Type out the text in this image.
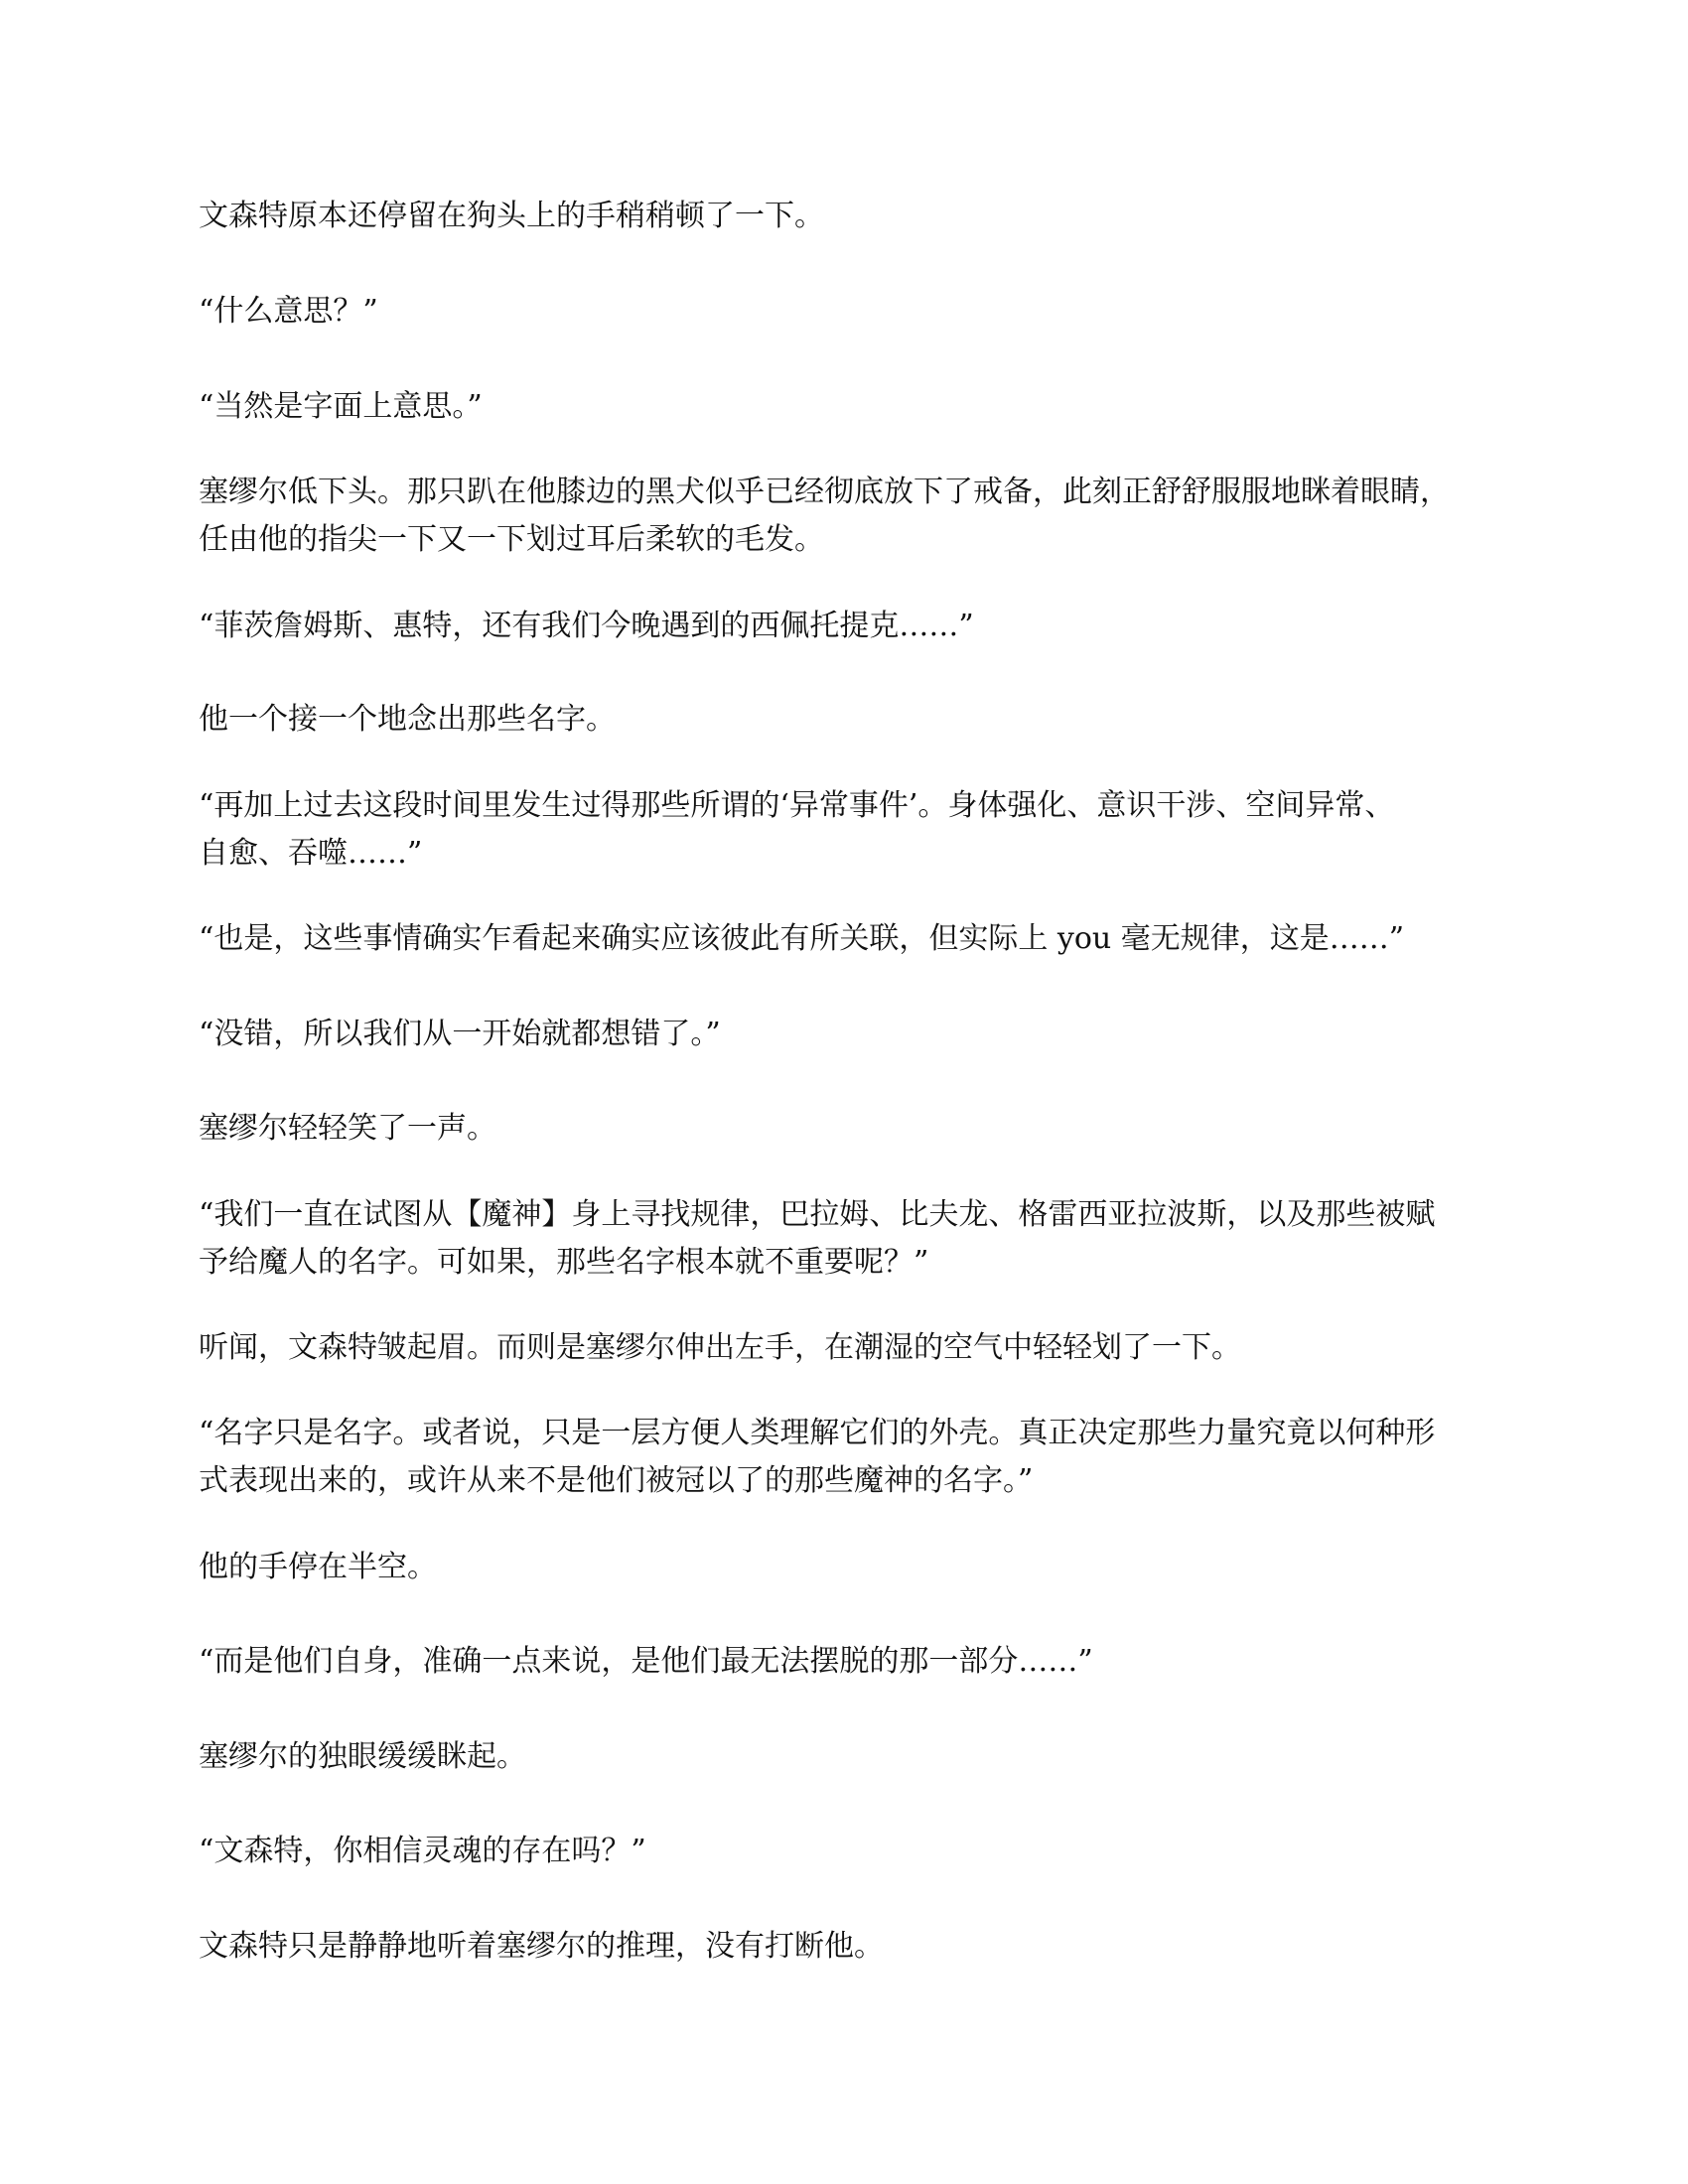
文森特原本还停留在狗头上的手稍稍顿了一下。

“什么意思？”

“当然是字面上意思。”

塞缪尔低下头。那只趴在他膝边的黑犬似乎已经彻底放下了戒备，此刻正舒舒服服地眯着眼睛，
任由他的指尖一下又一下划过耳后柔软的毛发。

“菲茨詹姆斯、惠特，还有我们今晚遇到的西佩托提克……”

他一个接一个地念出那些名字。

“再加上过去这段时间里发生过得那些所谓的‘异常事件’。身体强化、意识干涉、空间异常、
自愈、吞噬……”

“也是，这些事情确实乍看起来确实应该彼此有所关联，但实际上 you 毫无规律，这是……”

“没错，所以我们从一开始就都想错了。”

塞缪尔轻轻笑了一声。

“我们一直在试图从【魔神】身上寻找规律，巴拉姆、比夫龙、格雷西亚拉波斯，以及那些被赋
予给魔人的名字。可如果，那些名字根本就不重要呢？”

听闻，文森特皱起眉。而则是塞缪尔伸出左手，在潮湿的空气中轻轻划了一下。

“名字只是名字。或者说，只是一层方便人类理解它们的外壳。真正决定那些力量究竟以何种形
式表现出来的，或许从来不是他们被冠以了的那些魔神的名字。”

他的手停在半空。

“而是他们自身，准确一点来说，是他们最无法摆脱的那一部分……”

塞缪尔的独眼缓缓眯起。

“文森特，你相信灵魂的存在吗？”

文森特只是静静地听着塞缪尔的推理，没有打断他。
